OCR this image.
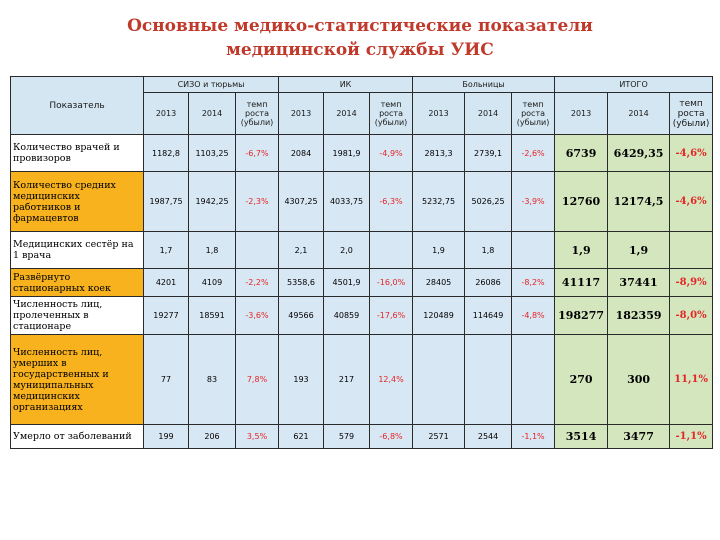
Основные медико-статистические показатели
медицинской службы УИС
Показатель	СИЗО и тюрьмы			ИК			Больницы			ИТОГО		
	2013	2014	темп роста (убыли)	2013	2014	темп роста (убыли)	2013	2014	темп роста (убыли)	2013	2014	темп роста (убыли)
Количество врачей и провизоров	1182,8	1103,25	-6,7%	2084	1981,9	-4,9%	2813,3	2739,1	-2,6%	6739	6429,35	-4,6%
Количество средних медицинских работников и фармацевтов	1987,75	1942,25	-2,3%	4307,25	4033,75	-6,3%	5232,75	5026,25	-3,9%	12760	12174,5	-4,6%
Медицинских сестёр на 1 врача	1,7	1,8		2,1	2,0		1,9	1,8		1,9	1,9	
Развёрнуто стационарных коек	4201	4109	-2,2%	5358,6	4501,9	-16,0%	28405	26086	-8,2%	41117	37441	-8,9%
Численность лиц, пролеченных в стационаре	19277	18591	-3,6%	49566	40859	-17,6%	120489	114649	-4,8%	198277	182359	-8,0%
Численность лиц, умерших в государственных и муниципальных медицинских организациях	77	83	7,8%	193	217	12,4%				270	300	11,1%
Умерло от заболеваний	199	206	3,5%	621	579	-6,8%	2571	2544	-1,1%	3514	3477	-1,1%
